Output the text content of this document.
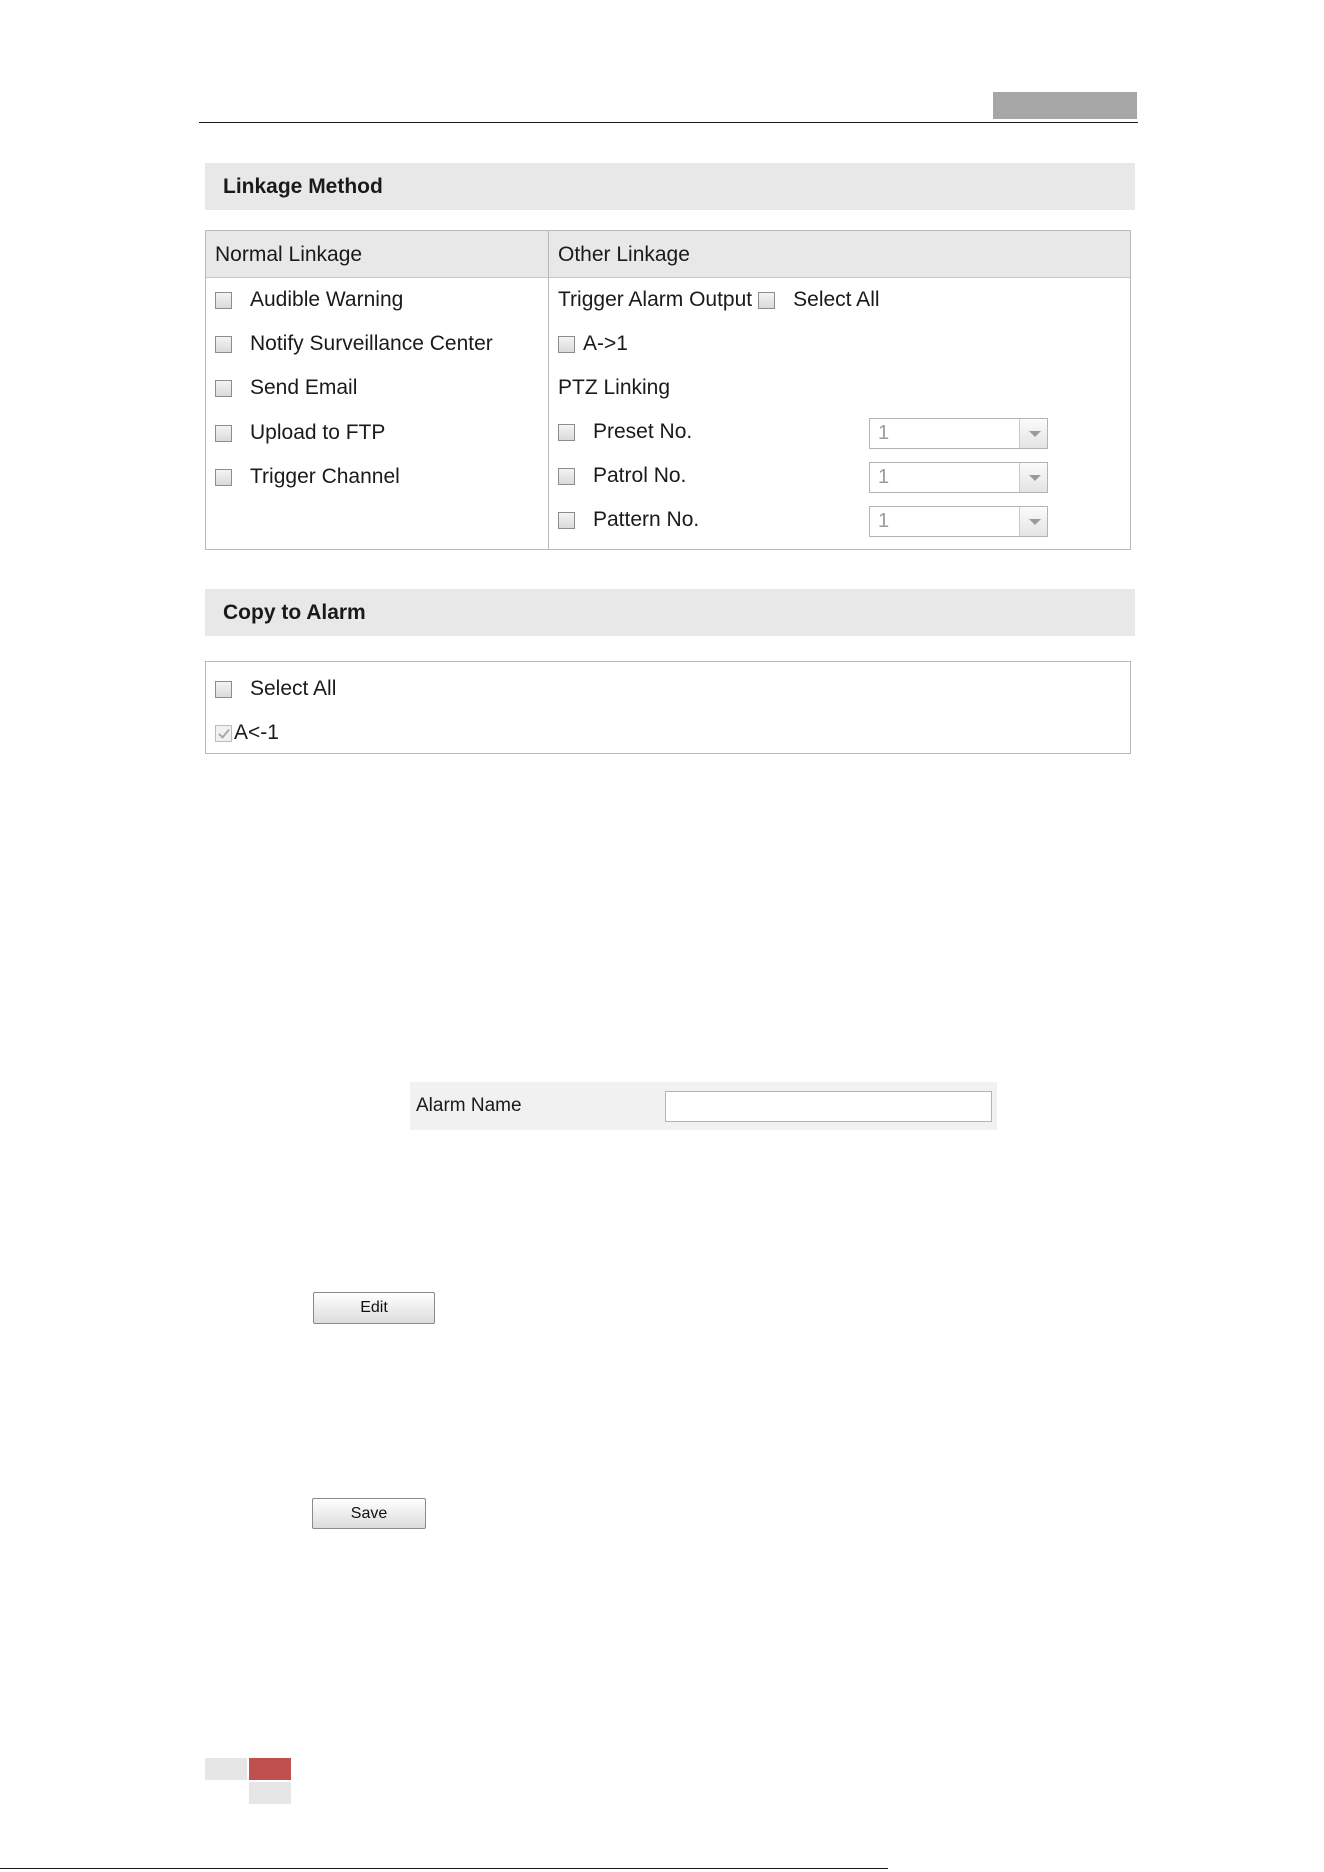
Linkage Method
Normal Linkage
Audible Warning
Notify Surveillance Center
Send Email
Upload to FTP
Trigger Channel
Other Linkage
Trigger Alarm Output Select All
A->1
PTZ Linking
Preset No.	1
Patrol No.	1
Pattern No.	1
Copy to Alarm
Select All
A<-1
Alarm Name
Edit
Save
